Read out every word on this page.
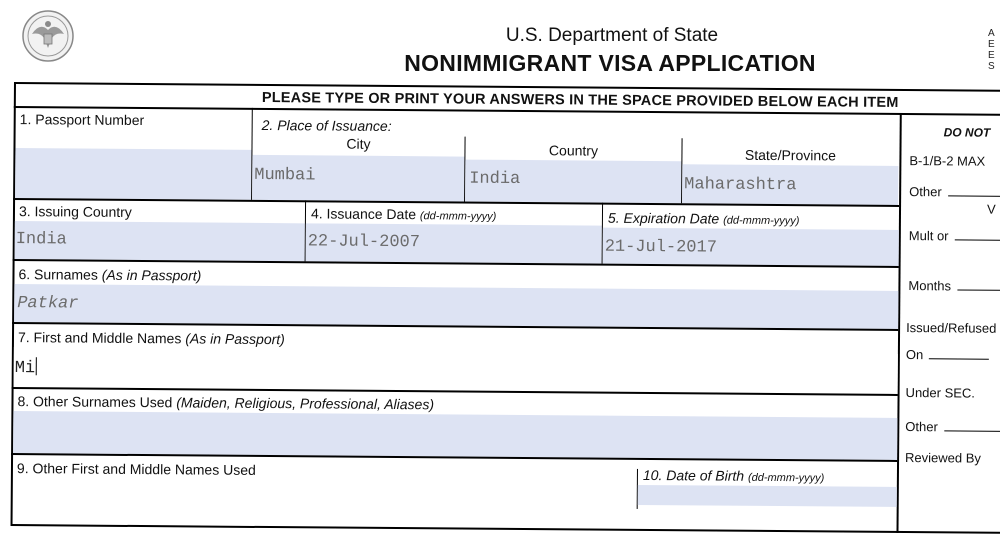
U.S. Department of State
NONIMMIGRANT VISA APPLICATION
A
E
E
S
PLEASE TYPE OR PRINT YOUR ANSWERS IN THE SPACE PROVIDED BELOW EACH ITEM
1. Passport Number	2. Place of Issuance:
City
Mumbai
Country
India
State/Province
Maharashtra
3. Issuing Country
India
4. Issuance Date (dd-mmm-yyyy)
22-Jul-2007
5. Expiration Date (dd-mmm-yyyy)
21-Jul-2017
6. Surnames (As in Passport)
Patkar
7. First and Middle Names (As in Passport)
Mi
8. Other Surnames Used (Maiden, Religious, Professional, Aliases)
9. Other First and Middle Names Used	10. Date of Birth (dd-mmm-yyyy)
DO NOT
B-1/B-2 MAX
Other
V
Mult or
Months
Issued/Refused
On
Under SEC.
Other
Reviewed By
